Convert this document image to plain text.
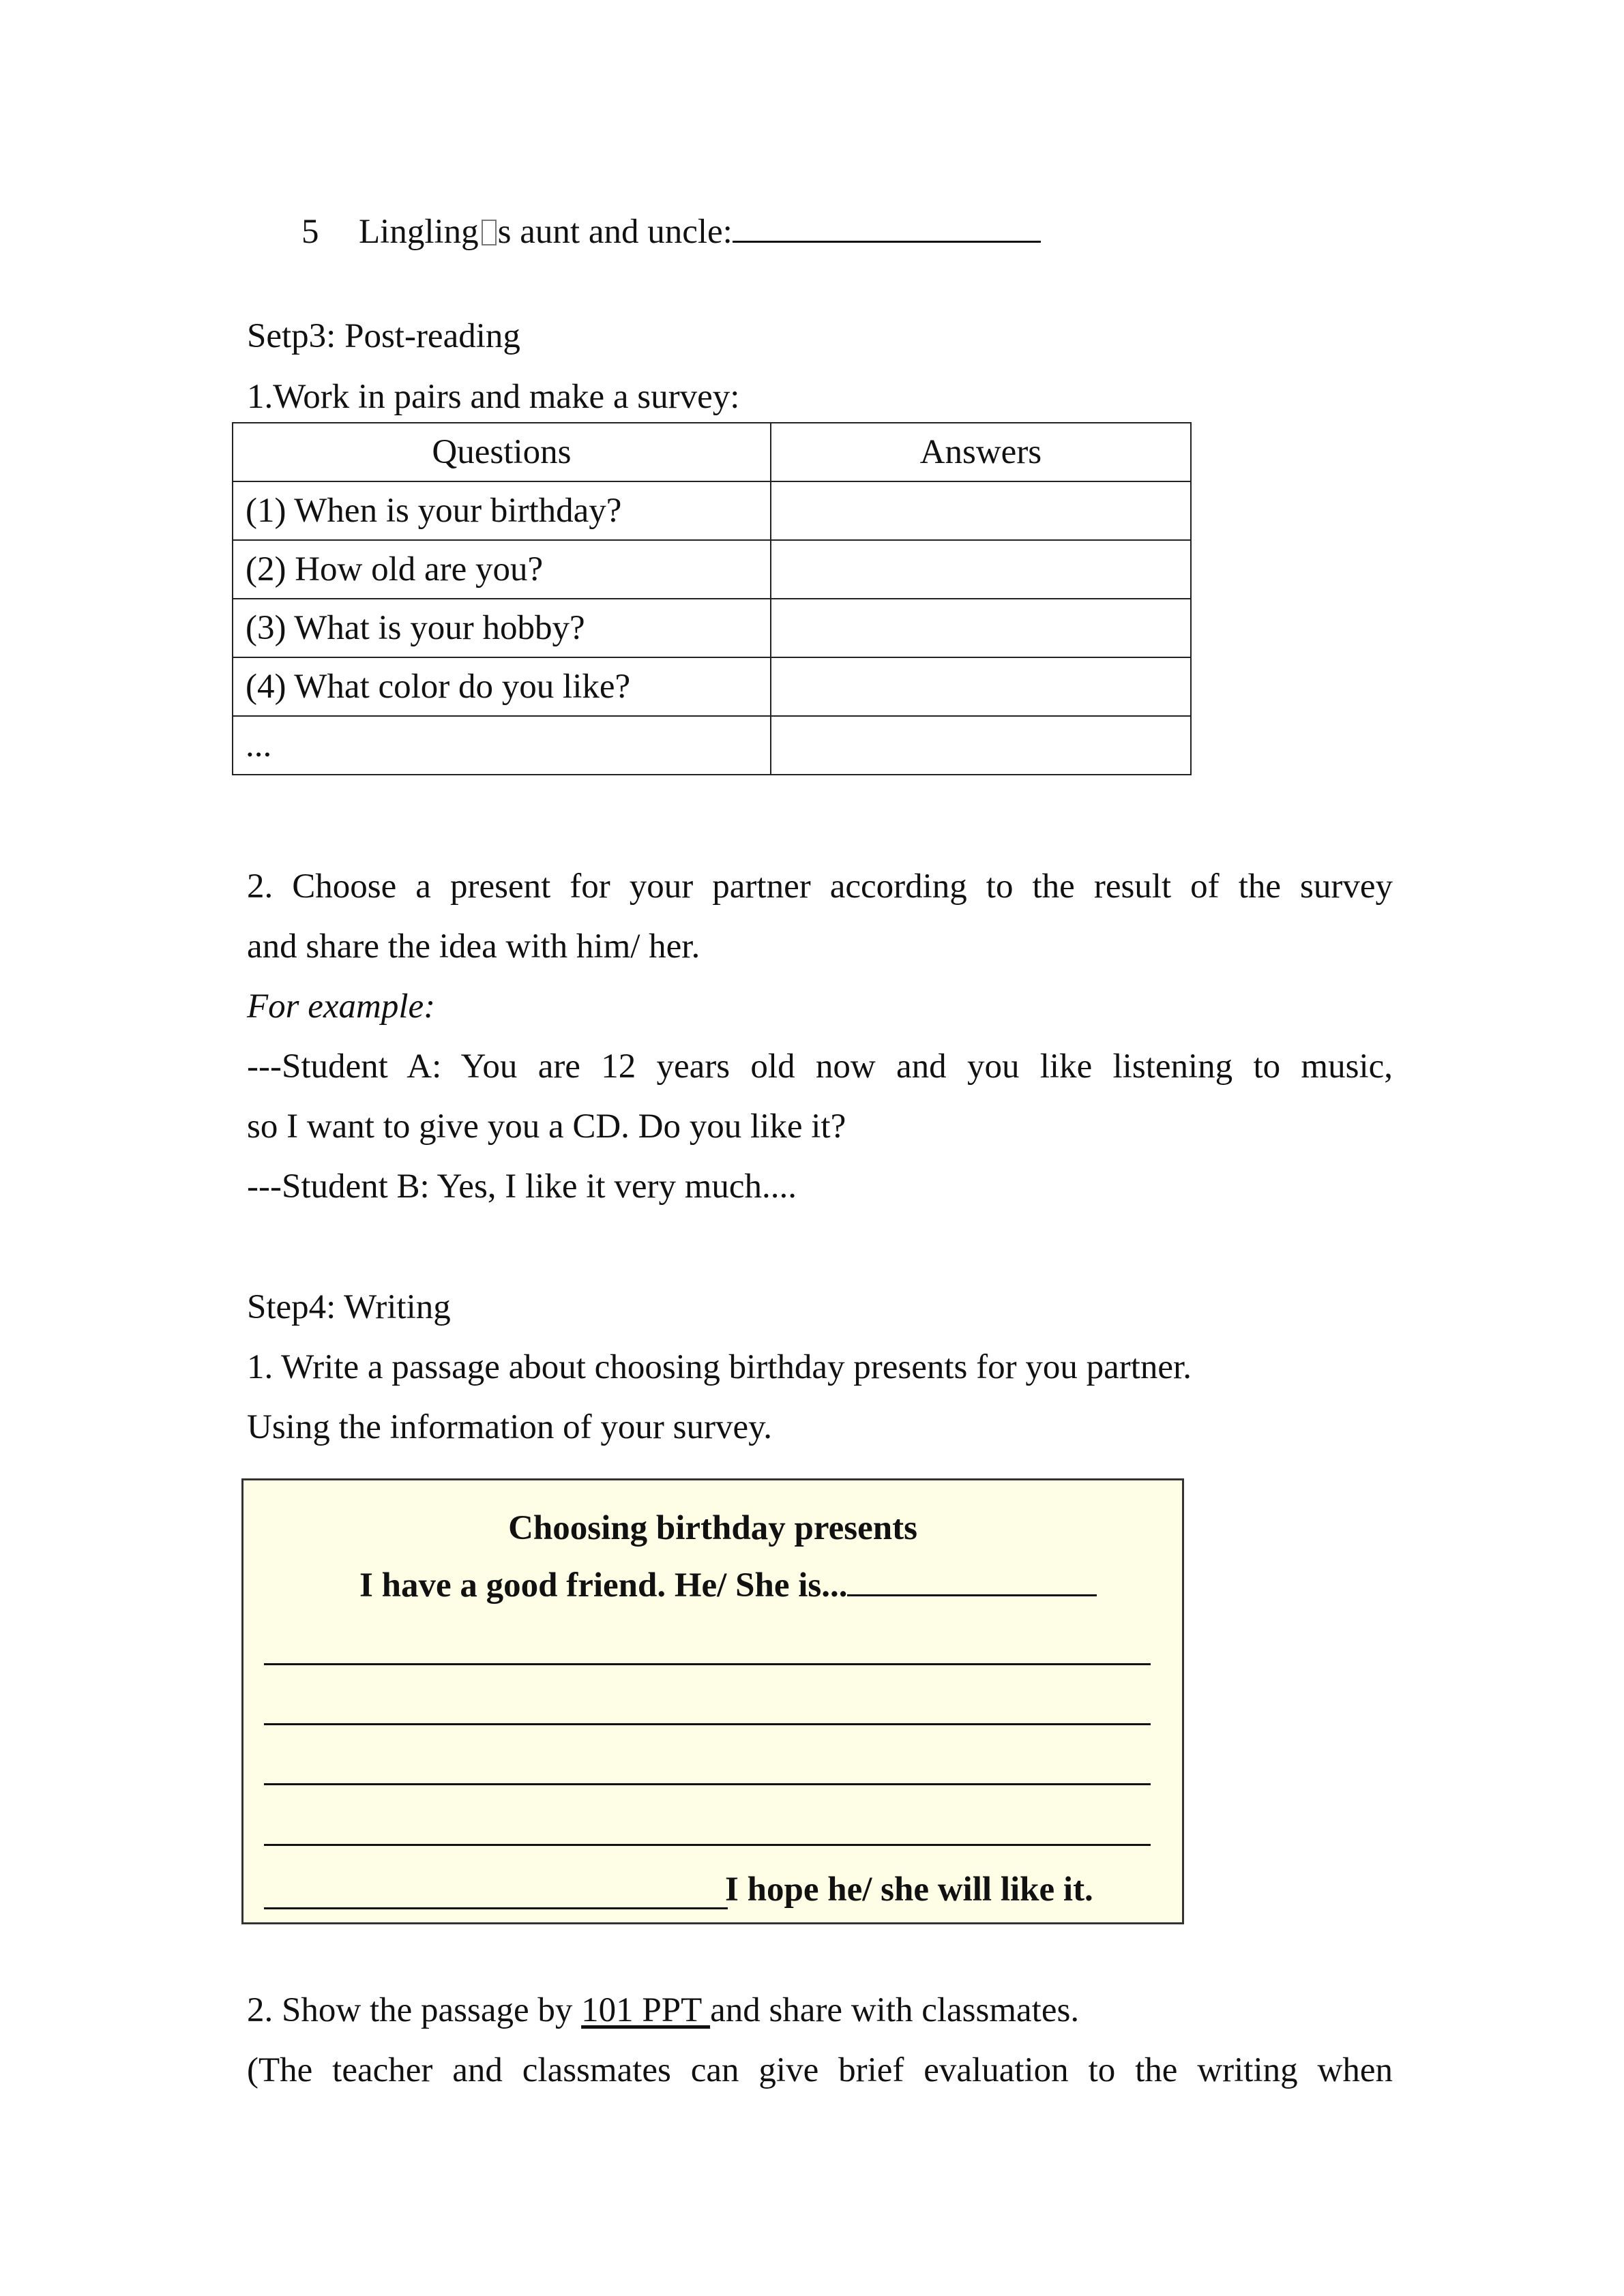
5 Lingling s aunt and uncle:
Setp3: Post-reading
1.Work in pairs and make a survey:
Questions	Answers
(1) When is your birthday?	
(2) How old are you?	
(3) What is your hobby?	
(4) What color do you like?	
...	
2. Choose a present for your partner according to the result of the survey
and share the idea with him/ her.
For example:
---Student A: You are 12 years old now and you like listening to music,
so I want to give you a CD. Do you like it?
---Student B: Yes, I like it very much....
Step4: Writing
1. Write a passage about choosing birthday presents for you partner.
Using the information of your survey.
Choosing birthday presents
I have a good friend. He/ She is...
I hope he/ she will like it.
2. Show the passage by 101 PPT and share with classmates.
(The teacher and classmates can give brief evaluation to the writing when
